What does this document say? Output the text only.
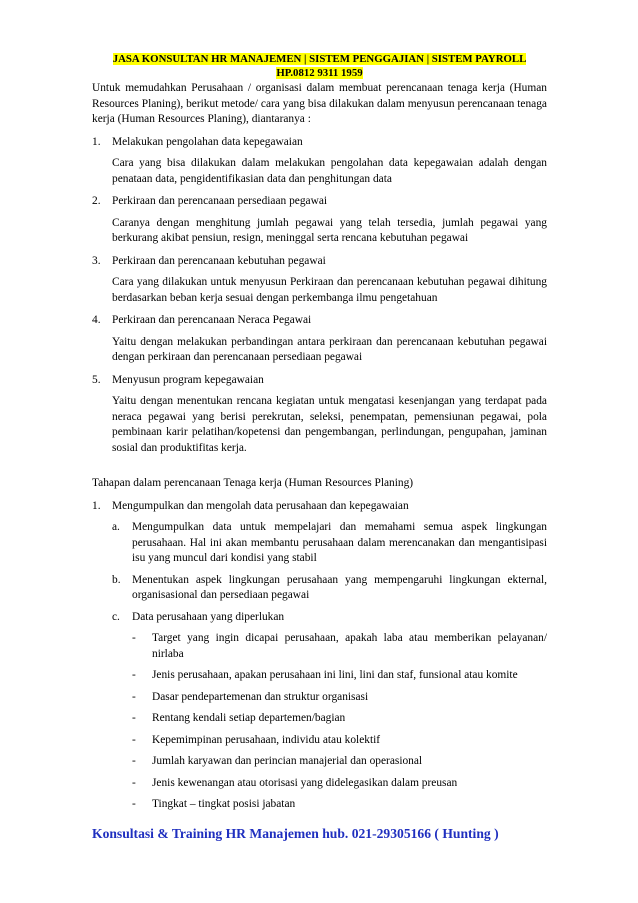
JASA KONSULTAN HR MANAJEMEN | SISTEM PENGGAJIAN | SISTEM PAYROLL
HP.0812 9311 1959
Untuk memudahkan Perusahaan / organisasi dalam membuat perencanaan tenaga kerja (Human Resources Planing), berikut metode/ cara yang bisa dilakukan dalam menyusun perencanaan tenaga kerja (Human Resources Planing), diantaranya :
1.	Melakukan pengolahan data kepegawaian
Cara yang bisa dilakukan dalam melakukan pengolahan data kepegawaian adalah dengan penataan data, pengidentifikasian data dan penghitungan data
2.	Perkiraan dan perencanaan persediaan pegawai
Caranya dengan menghitung jumlah pegawai yang telah tersedia, jumlah pegawai yang berkurang akibat pensiun, resign, meninggal serta rencana kebutuhan pegawai
3.	Perkiraan dan perencanaan kebutuhan pegawai
Cara yang dilakukan untuk menyusun Perkiraan dan perencanaan kebutuhan pegawai dihitung berdasarkan beban kerja sesuai dengan perkembanga ilmu pengetahuan
4.	Perkiraan dan perencanaan Neraca Pegawai
Yaitu dengan melakukan perbandingan antara perkiraan dan perencanaan kebutuhan pegawai dengan perkiraan dan perencanaan persediaan pegawai
5.	Menyusun program kepegawaian
Yaitu dengan menentukan rencana kegiatan untuk mengatasi kesenjangan yang terdapat pada neraca pegawai yang berisi perekrutan, seleksi, penempatan, pemensiunan pegawai, pola pembinaan karir pelatihan/kopetensi dan pengembangan, perlindungan, pengupahan, jaminan sosial dan produktifitas kerja.
Tahapan dalam perencanaan Tenaga kerja (Human Resources Planing)
1.	Mengumpulkan dan mengolah data perusahaan dan kepegawaian
a.	Mengumpulkan data untuk mempelajari dan memahami semua aspek lingkungan perusahaan. Hal ini akan membantu perusahaan dalam merencanakan dan mengantisipasi isu yang muncul dari kondisi yang stabil
b.	Menentukan aspek lingkungan perusahaan yang mempengaruhi lingkungan ekternal, organisasional dan persediaan pegawai
c.	Data perusahaan yang diperlukan
-	Target yang ingin dicapai perusahaan, apakah laba atau memberikan pelayanan/ nirlaba
-	Jenis perusahaan, apakan perusahaan ini lini, lini dan staf, funsional atau komite
-	Dasar pendepartemenan dan struktur organisasi
-	Rentang kendali setiap departemen/bagian
-	Kepemimpinan perusahaan, individu atau kolektif
-	Jumlah karyawan dan perincian manajerial dan operasional
-	Jenis kewenangan atau otorisasi yang didelegasikan dalam preusan
-	Tingkat – tingkat posisi jabatan
Konsultasi & Training HR Manajemen hub. 021-29305166 ( Hunting )
